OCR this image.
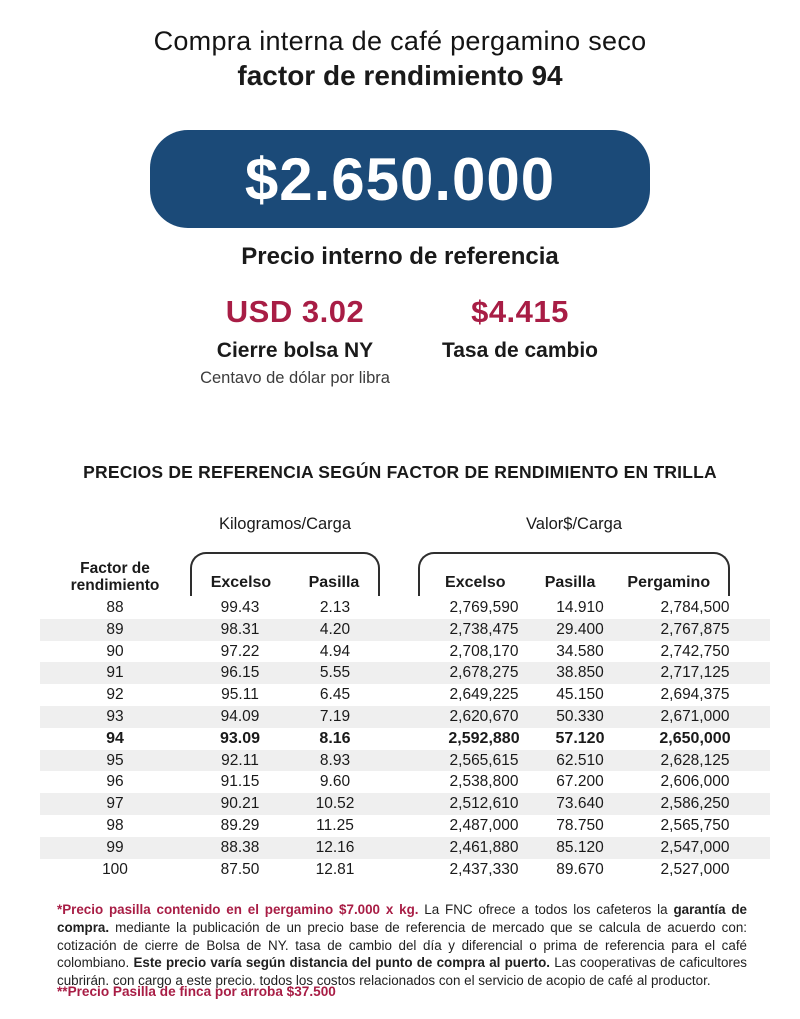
Compra interna de café pergamino seco
factor de rendimiento 94
$2.650.000
Precio interno de referencia
USD 3.02
Cierre bolsa NY
Centavo de dólar por libra
$4.415
Tasa de cambio
PRECIOS DE REFERENCIA SEGÚN FACTOR DE RENDIMIENTO EN TRILLA
Kilogramos/Carga	Valor$/Carga
Factor de
rendimiento	Excelso	Pasilla	Excelso	Pasilla	Pergamino
88	99.43	2.13	2,769,590	14.910	2,784,500
89	98.31	4.20	2,738,475	29.400	2,767,875
90	97.22	4.94	2,708,170	34.580	2,742,750
91	96.15	5.55	2,678,275	38.850	2,717,125
92	95.11	6.45	2,649,225	45.150	2,694,375
93	94.09	7.19	2,620,670	50.330	2,671,000
94	93.09	8.16	2,592,880	57.120	2,650,000
95	92.11	8.93	2,565,615	62.510	2,628,125
96	91.15	9.60	2,538,800	67.200	2,606,000
97	90.21	10.52	2,512,610	73.640	2,586,250
98	89.29	11.25	2,487,000	78.750	2,565,750
99	88.38	12.16	2,461,880	85.120	2,547,000
100	87.50	12.81	2,437,330	89.670	2,527,000

*Precio pasilla contenido en el pergamino $7.000 x kg. La FNC ofrece a todos los cafeteros la garantía de compra. mediante la publicación de un precio base de referencia de mercado que se calcula de acuerdo con: cotización de cierre de Bolsa de NY. tasa de cambio del día y diferencial o prima de referencia para el café colombiano. Este precio varía según distancia del punto de compra al puerto. Las cooperativas de caficultores cubrirán. con cargo a este precio. todos los costos relacionados con el servicio de acopio de café al productor.

**Precio Pasilla de finca por arroba $37.500
